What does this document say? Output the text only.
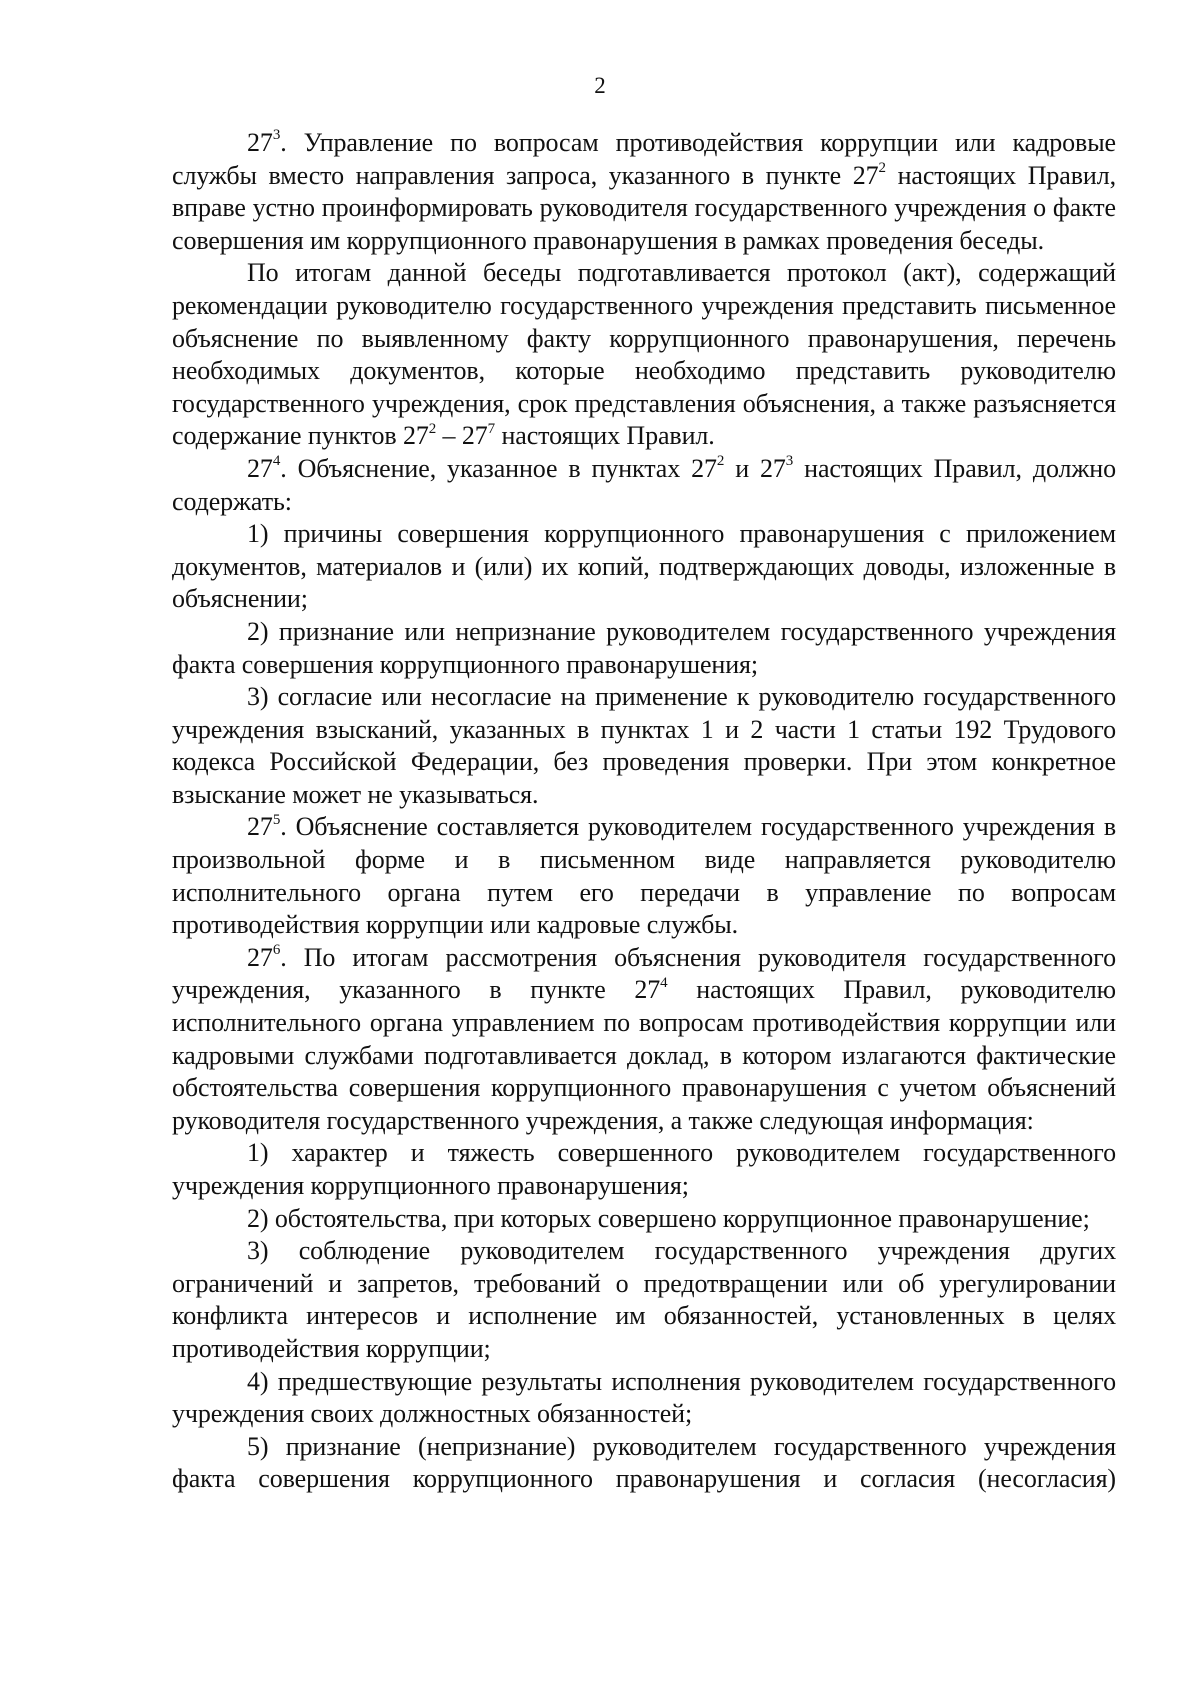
2

$27^3$. Управление по вопросам противодействия коррупции или кадровые службы вместо направления запроса, указанного в пункте $27^2$ настоящих Правил, вправе устно проинформировать руководителя государственного учреждения о факте совершения им коррупционного правонарушения в рамках проведения беседы.

По итогам данной беседы подготавливается протокол (акт), содержащий рекомендации руководителю государственного учреждения представить письменное объяснение по выявленному факту коррупционного правонарушения, перечень необходимых документов, которые необходимо представить руководителю государственного учреждения, срок представления объяснения, а также разъясняется содержание пунктов $27^2 - 27^7$ настоящих Правил.

$27^4$. Объяснение, указанное в пунктах $27^2$ и $27^3$ настоящих Правил, должно содержать:

1) причины совершения коррупционного правонарушения с приложением документов, материалов и (или) их копий, подтверждающих доводы, изложенные в объяснении;

2) признание или непризнание руководителем государственного учреждения факта совершения коррупционного правонарушения;

3) согласие или несогласие на применение к руководителю государственного учреждения взысканий, указанных в пунктах 1 и 2 части 1 статьи 192 Трудового кодекса Российской Федерации, без проведения проверки. При этом конкретное взыскание может не указываться.

$27^5$. Объяснение составляется руководителем государственного учреждения в произвольной форме и в письменном виде направляется руководителю исполнительного органа путем его передачи в управление по вопросам противодействия коррупции или кадровые службы.

$27^6$. По итогам рассмотрения объяснения руководителя государственного учреждения, указанного в пункте $27^4$ настоящих Правил, руководителю исполнительного органа управлением по вопросам противодействия коррупции или кадровыми службами подготавливается доклад, в котором излагаются фактические обстоятельства совершения коррупционного правонарушения с учетом объяснений руководителя государственного учреждения, а также следующая информация:

1) характер и тяжесть совершенного руководителем государственного учреждения коррупционного правонарушения;

2) обстоятельства, при которых совершено коррупционное правонарушение;

3) соблюдение руководителем государственного учреждения других ограничений и запретов, требований о предотвращении или об урегулировании конфликта интересов и исполнение им обязанностей, установленных в целях противодействия коррупции;

4) предшествующие результаты исполнения руководителем государственного учреждения своих должностных обязанностей;

5) признание (непризнание) руководителем государственного учреждения факта совершения коррупционного правонарушения и согласия (несогласия)
